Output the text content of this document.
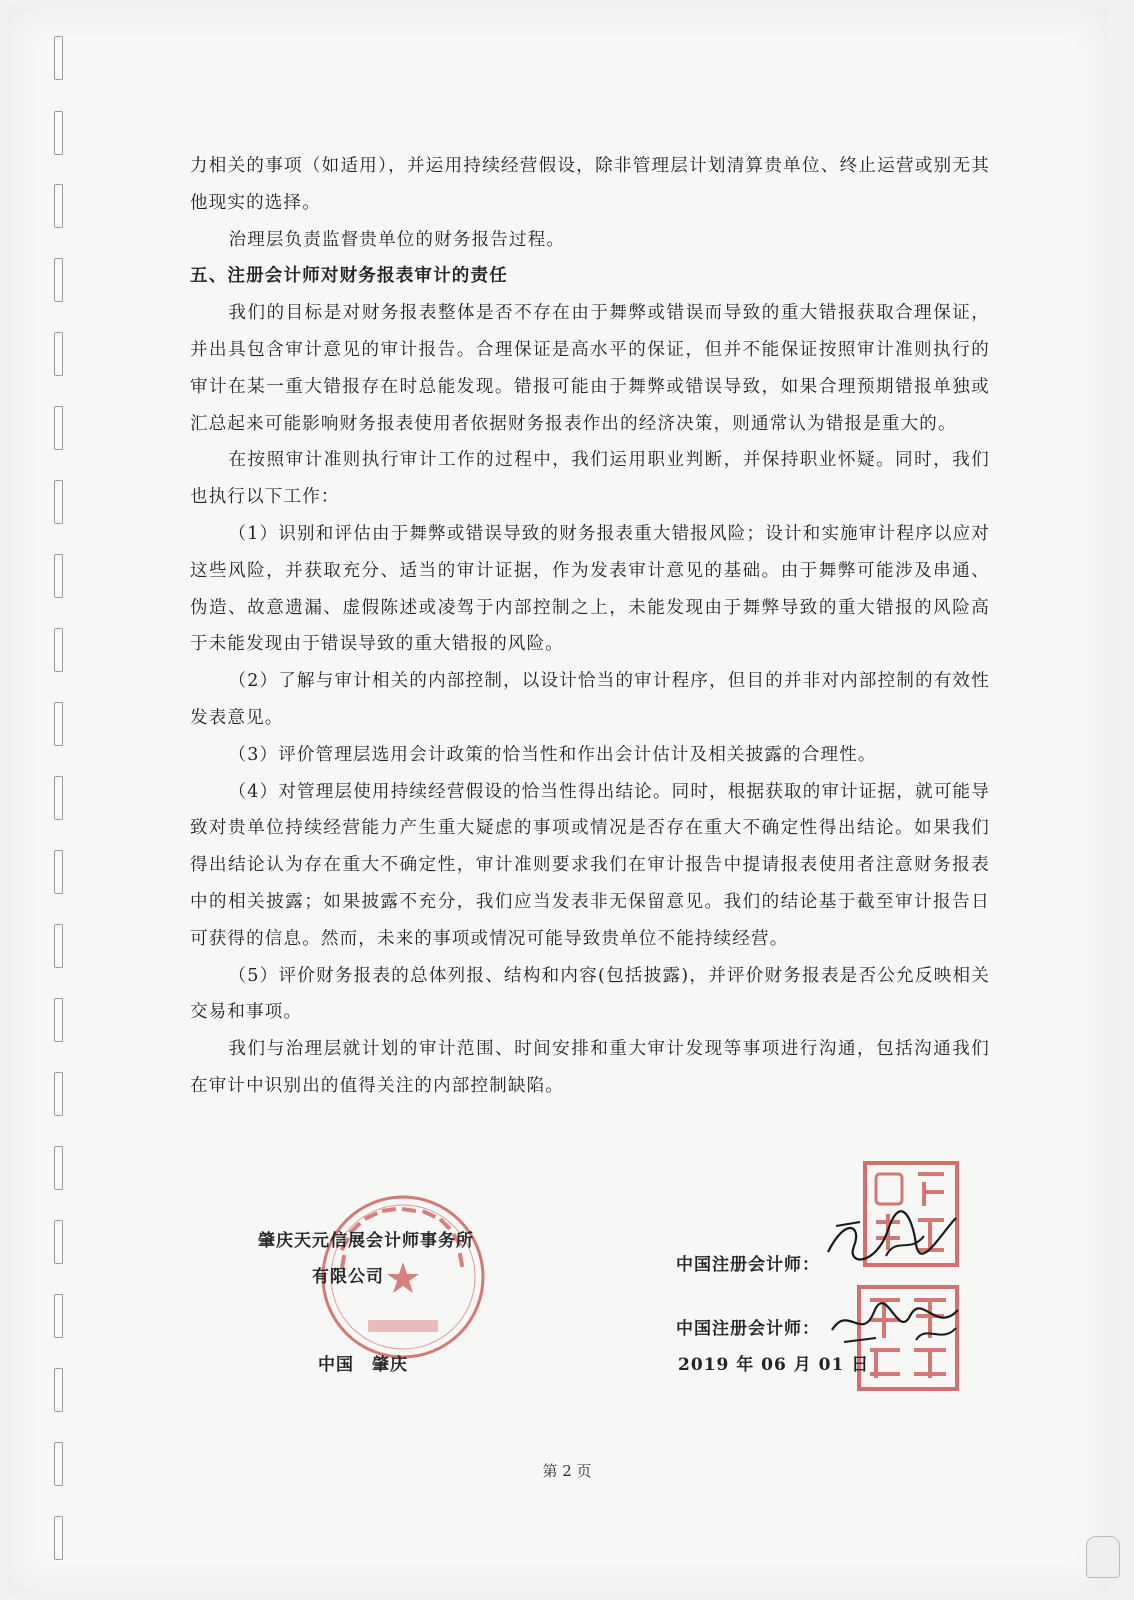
力相关的事项（如适用），并运用持续经营假设，除非管理层计划清算贵单位、终止运营或别无其他现实的选择。

治理层负责监督贵单位的财务报告过程。

五、注册会计师对财务报表审计的责任

我们的目标是对财务报表整体是否不存在由于舞弊或错误而导致的重大错报获取合理保证，并出具包含审计意见的审计报告。合理保证是高水平的保证，但并不能保证按照审计准则执行的审计在某一重大错报存在时总能发现。错报可能由于舞弊或错误导致，如果合理预期错报单独或汇总起来可能影响财务报表使用者依据财务报表作出的经济决策，则通常认为错报是重大的。

在按照审计准则执行审计工作的过程中，我们运用职业判断，并保持职业怀疑。同时，我们也执行以下工作：

（1）识别和评估由于舞弊或错误导致的财务报表重大错报风险；设计和实施审计程序以应对这些风险，并获取充分、适当的审计证据，作为发表审计意见的基础。由于舞弊可能涉及串通、伪造、故意遗漏、虚假陈述或凌驾于内部控制之上，未能发现由于舞弊导致的重大错报的风险高于未能发现由于错误导致的重大错报的风险。

（2）了解与审计相关的内部控制，以设计恰当的审计程序，但目的并非对内部控制的有效性发表意见。

（3）评价管理层选用会计政策的恰当性和作出会计估计及相关披露的合理性。

（4）对管理层使用持续经营假设的恰当性得出结论。同时，根据获取的审计证据，就可能导致对贵单位持续经营能力产生重大疑虑的事项或情况是否存在重大不确定性得出结论。如果我们得出结论认为存在重大不确定性，审计准则要求我们在审计报告中提请报表使用者注意财务报表中的相关披露；如果披露不充分，我们应当发表非无保留意见。我们的结论基于截至审计报告日可获得的信息。然而，未来的事项或情况可能导致贵单位不能持续经营。

（5）评价财务报表的总体列报、结构和内容(包括披露)，并评价财务报表是否公允反映相关交易和事项。

我们与治理层就计划的审计范围、时间安排和重大审计发现等事项进行沟通，包括沟通我们在审计中识别出的值得关注的内部控制缺陷。

肇庆天元信展会计师事务所
有限公司
中国　肇庆
中国注册会计师：
中国注册会计师：
2019 年 06 月 01 日
第 2 页
